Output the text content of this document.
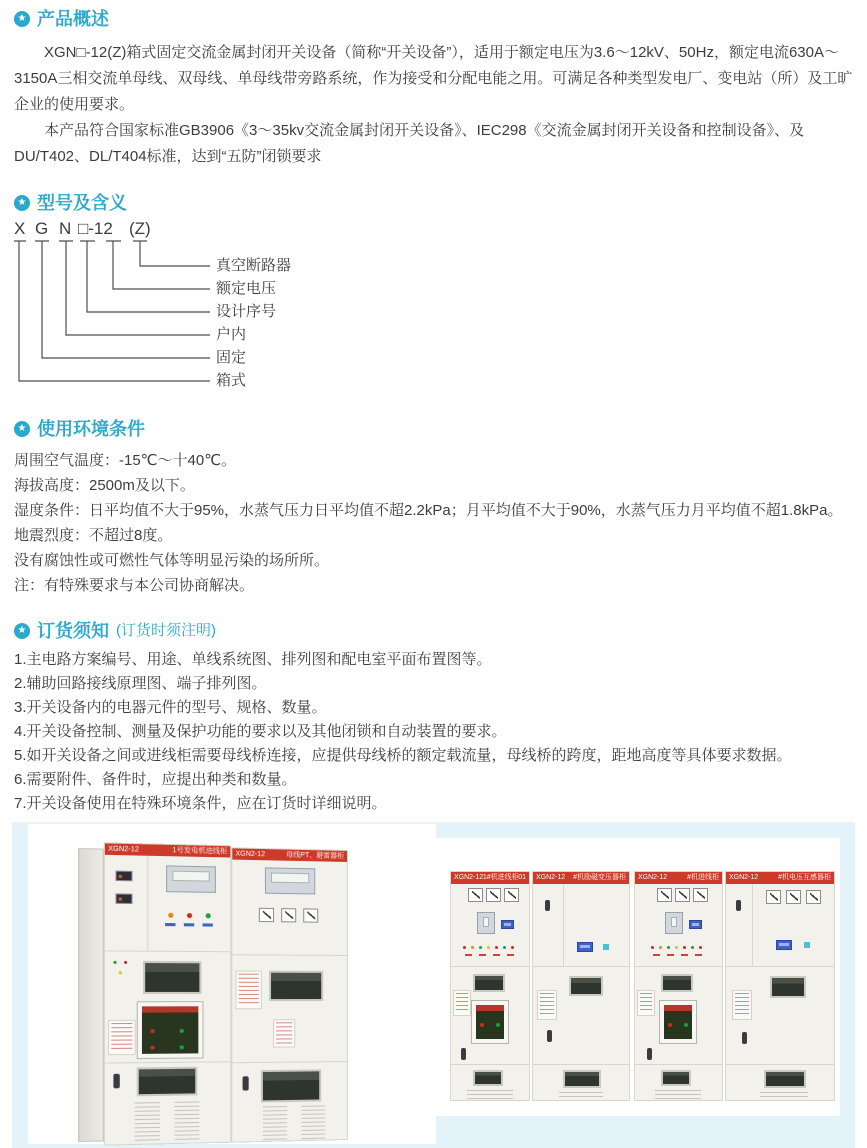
★
产品概述

XGN□-12(Z)箱式固定交流金属封闭开关设备（简称“开关设备”），适用于额定电压为3.6～12kV、50Hz，额定电流630A～3150A三相交流单母线、双母线、单母线带旁路系统，作为接受和分配电能之用。可满足各种类型发电厂、变电站（所）及工旷企业的使用要求。

本产品符合国家标准GB3906《3～35kv交流金属封闭开关设备》、IEC298《交流金属封闭开关设备和控制设备》、及DU/T402、DL/T404标准，达到“五防”闭锁要求

★
型号及含义
X G N □-12 (Z)
真空断路器
额定电压
设计序号
户内
固定
箱式
★
使用环境条件
周围空气温度：-15℃～十40℃。
海拔高度：2500m及以下。
湿度条件：日平均值不大于95%，水蒸气压力日平均值不超2.2kPa；月平均值不大于90%，水蒸气压力月平均值不超1.8kPa。
地震烈度：不超过8度。
没有腐蚀性或可燃性气体等明显污染的场所所。
注：有特殊要求与本公司协商解决。
★
订货须知 (订货时须注明)
1.主电路方案编号、用途、单线系统图、排列图和配电室平面布置图等。
2.辅助回路接线原理图、端子排列图。
3.开关设备内的电器元件的型号、规格、数量。
4.开关设备控制、测量及保护功能的要求以及其他闭锁和自动装置的要求。
5.如开关设备之间或进线柜需要母线桥连接，应提供母线桥的额定载流量，母线桥的跨度，距地高度等具体要求数据。
6.需要附件、备件时，应提出种类和数量。
7.开关设备使用在特殊环境条件，应在订货时详细说明。
XGN2-12	1号发电机进线柜 XGN2-12	母线PT、避雷器柜
XGN2-12 1#机进线柜 01 XGN2-12 #机励磁变压器柜 XGN2-12	#机进线柜 XGN2-12	#机电压互感器柜
